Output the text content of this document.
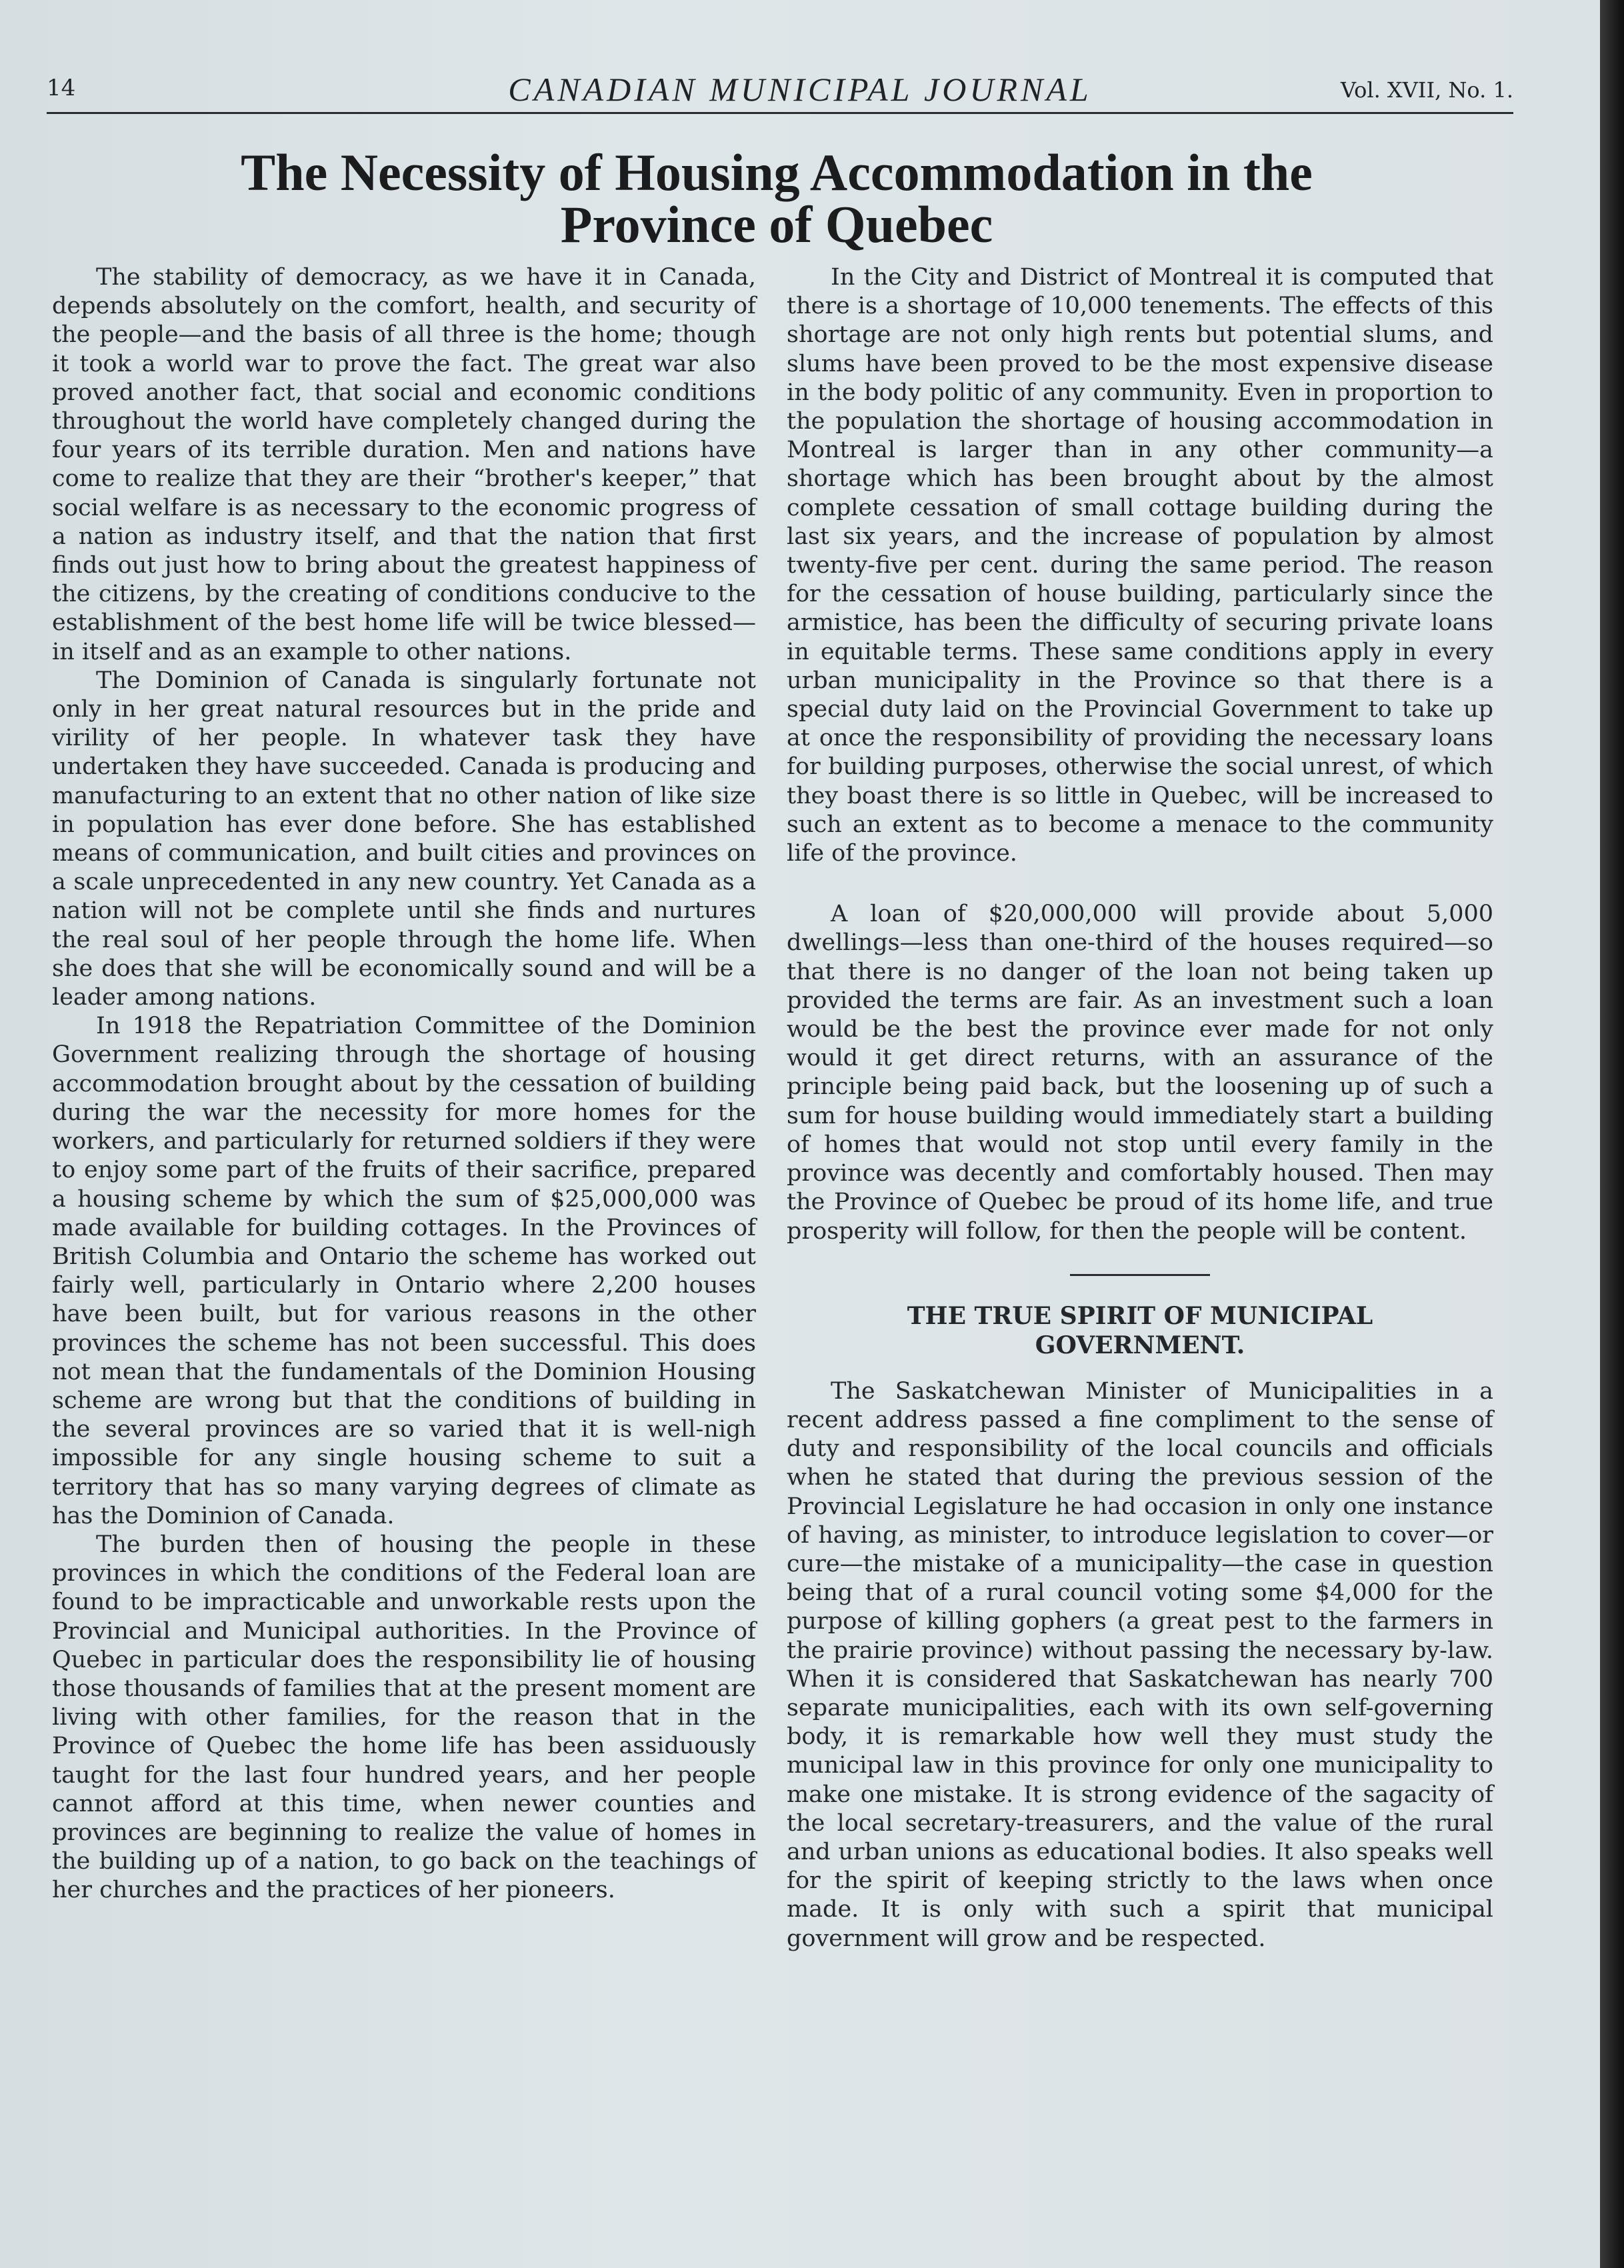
14	CANADIAN MUNICIPAL JOURNAL	Vol. XVII, No. 1.
The Necessity of Housing Accommodation in the
Province of Quebec

The stability of democracy, as we have it in Canada, depends absolutely on the comfort, health, and security of the people—and the basis of all three is the home; though it took a world war to prove the fact. The great war also proved another fact, that social and economic conditions throughout the world have completely changed during the four years of its terrible duration. Men and nations have come to realize that they are their “brother's keeper,” that social welfare is as necessary to the economic progress of a nation as industry itself, and that the nation that first finds out just how to bring about the greatest happiness of the citizens, by the creating of conditions conducive to the establishment of the best home life will be twice blessed—in itself and as an example to other nations.

The Dominion of Canada is singularly fortunate not only in her great natural resources but in the pride and virility of her people. In whatever task they have undertaken they have succeeded. Canada is producing and manufacturing to an extent that no other nation of like size in population has ever done before. She has established means of communication, and built cities and provinces on a scale unprecedented in any new country. Yet Canada as a nation will not be complete until she finds and nurtures the real soul of her people through the home life. When she does that she will be economically sound and will be a leader among nations.

In 1918 the Repatriation Committee of the Dominion Government realizing through the shortage of housing accommodation brought about by the cessation of building during the war the necessity for more homes for the workers, and particularly for returned soldiers if they were to enjoy some part of the fruits of their sacrifice, prepared a housing scheme by which the sum of $25,000,000 was made available for building cottages. In the Provinces of British Columbia and Ontario the scheme has worked out fairly well, particularly in Ontario where 2,200 houses have been built, but for various reasons in the other provinces the scheme has not been successful. This does not mean that the fundamentals of the Dominion Housing scheme are wrong but that the conditions of building in the several provinces are so varied that it is well-nigh impossible for any single housing scheme to suit a territory that has so many varying degrees of climate as has the Dominion of Canada.

The burden then of housing the people in these provinces in which the conditions of the Federal loan are found to be impracticable and unworkable rests upon the Provincial and Municipal authorities. In the Province of Quebec in particular does the responsibility lie of housing those thousands of families that at the present moment are living with other families, for the reason that in the Province of Quebec the home life has been assiduously taught for the last four hundred years, and her people cannot afford at this time, when newer counties and provinces are beginning to realize the value of homes in the building up of a nation, to go back on the teachings of her churches and the practices of her pioneers.

In the City and District of Montreal it is computed that there is a shortage of 10,000 tenements. The effects of this shortage are not only high rents but potential slums, and slums have been proved to be the most expensive disease in the body politic of any community. Even in proportion to the population the shortage of housing accommodation in Montreal is larger than in any other community—a shortage which has been brought about by the almost complete cessation of small cottage building during the last six years, and the increase of population by almost twenty-five per cent. during the same period. The reason for the cessation of house building, particularly since the armistice, has been the difficulty of securing private loans in equitable terms. These same conditions apply in every urban municipality in the Province so that there is a special duty laid on the Provincial Government to take up at once the responsibility of providing the necessary loans for building purposes, otherwise the social unrest, of which they boast there is so little in Quebec, will be increased to such an extent as to become a menace to the community life of the province.

A loan of $20,000,000 will provide about 5,000 dwellings—less than one-third of the houses required—so that there is no danger of the loan not being taken up provided the terms are fair. As an investment such a loan would be the best the province ever made for not only would it get direct returns, with an assurance of the principle being paid back, but the loosening up of such a sum for house building would immediately start a building of homes that would not stop until every family in the province was decently and comfortably housed. Then may the Province of Quebec be proud of its home life, and true prosperity will follow, for then the people will be content.

THE TRUE SPIRIT OF MUNICIPAL
GOVERNMENT.

The Saskatchewan Minister of Municipalities in a recent address passed a fine compliment to the sense of duty and responsibility of the local councils and officials when he stated that during the previous session of the Provincial Legislature he had occasion in only one instance of having, as minister, to introduce legislation to cover—or cure—the mistake of a municipality—the case in question being that of a rural council voting some $4,000 for the purpose of killing gophers (a great pest to the farmers in the prairie province) without passing the necessary by-law. When it is considered that Saskatchewan has nearly 700 separate municipalities, each with its own self-governing body, it is remarkable how well they must study the municipal law in this province for only one municipality to make one mistake. It is strong evidence of the sagacity of the local secretary-treasurers, and the value of the rural and urban unions as educational bodies. It also speaks well for the spirit of keeping strictly to the laws when once made. It is only with such a spirit that municipal government will grow and be respected.
